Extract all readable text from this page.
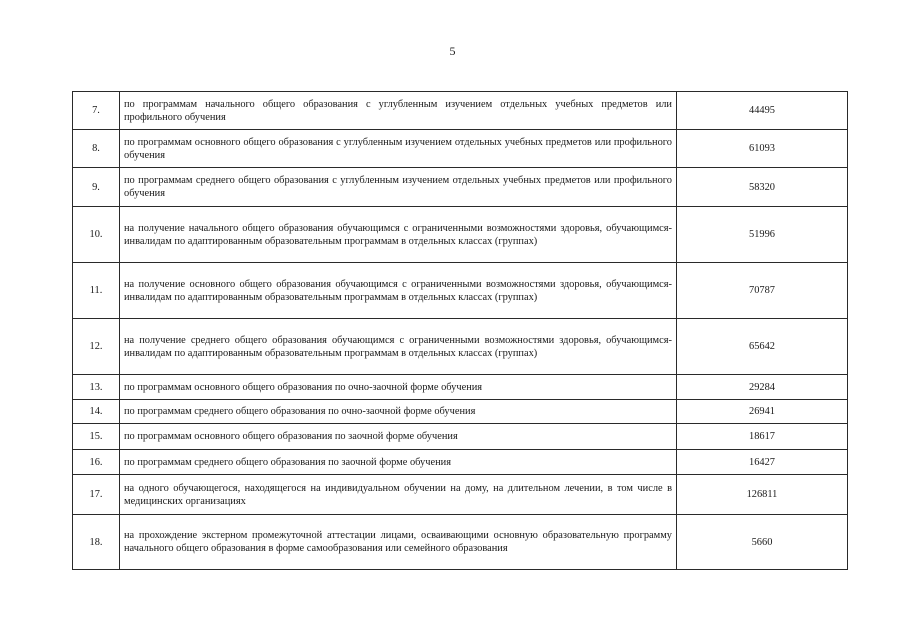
5
7.	по программам начального общего образования с углубленным изучением отдельных учебных предметов или профильного обучения	44495
8.	по программам основного общего образования с углубленным изучением отдельных учебных предметов или профильного обучения	61093
9.	по программам среднего общего образования с углубленным изучением отдельных учебных предметов или профильного обучения	58320
10.	на получение начального общего образования обучающимся с ограниченными возможностями здоровья, обучающимся-инвалидам по адаптированным образовательным программам в отдельных классах (группах)	51996
11.	на получение основного общего образования обучающимся с ограниченными возможностями здоровья, обучающимся-инвалидам по адаптированным образовательным программам в отдельных классах (группах)	70787
12.	на получение среднего общего образования обучающимся с ограниченными возможностями здоровья, обучающимся-инвалидам по адаптированным образовательным программам в отдельных классах (группах)	65642
13.	по программам основного общего образования по очно-заочной форме обучения	29284
14.	по программам среднего общего образования по очно-заочной форме обучения	26941
15.	по программам основного общего образования по заочной форме обучения	18617
16.	по программам среднего общего образования по заочной форме обучения	16427
17.	на одного обучающегося, находящегося на индивидуальном обучении на дому, на длительном лечении, в том числе в медицинских организациях	126811
18.	на прохождение экстерном промежуточной аттестации лицами, осваивающими основную образовательную программу начального общего образования в форме самообразования или семейного образования	5660
